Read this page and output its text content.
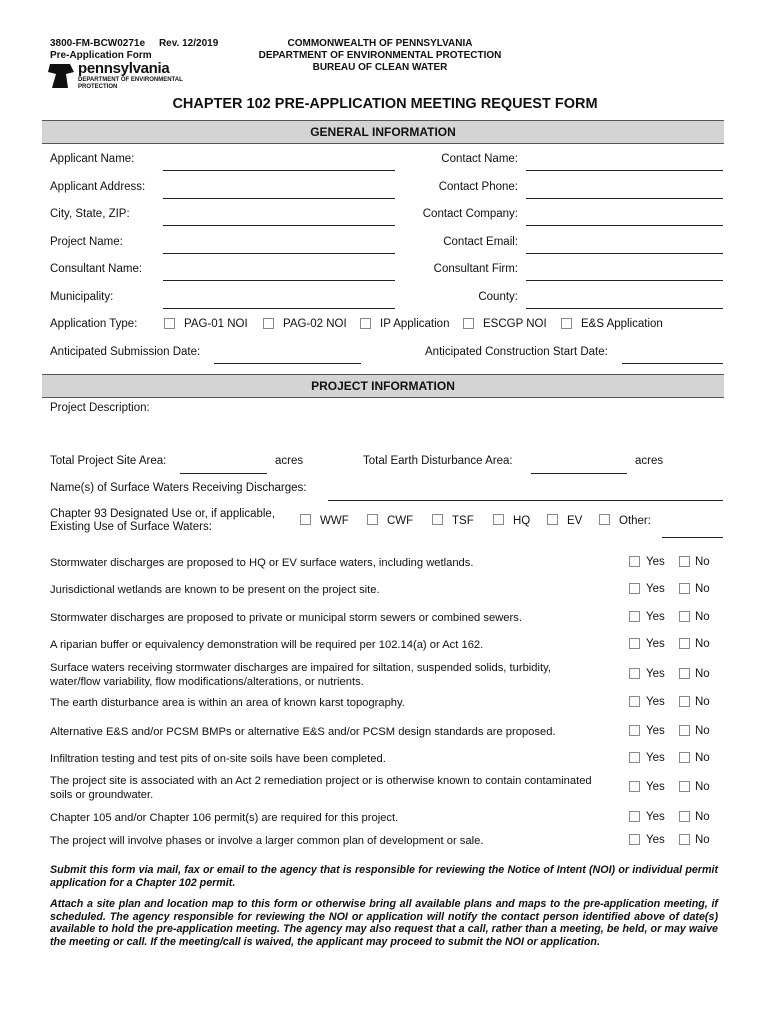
3800-FM-BCW0271e Rev. 12/2019
Pre-Application Form
COMMONWEALTH OF PENNSYLVANIA
DEPARTMENT OF ENVIRONMENTAL PROTECTION
BUREAU OF CLEAN WATER
pennsylvania
DEPARTMENT OF ENVIRONMENTAL
PROTECTION
CHAPTER 102 PRE-APPLICATION MEETING REQUEST FORM
GENERAL INFORMATION
Applicant Name:	Contact Name:
Applicant Address:	Contact Phone:
City, State, ZIP:	Contact Company:
Project Name:	Contact Email:
Consultant Name:	Consultant Firm:
Municipality:	County:
Application Type:	PAG-01 NOI	PAG-02 NOI	IP Application	ESCGP NOI	E&S Application
Anticipated Submission Date:	Anticipated Construction Start Date:
PROJECT INFORMATION
Project Description:
Total Project Site Area:	acres	Total Earth Disturbance Area:	acres
Name(s) of Surface Waters Receiving Discharges:
Chapter 93 Designated Use or, if applicable,
Existing Use of Surface Waters:	WWF	CWF	TSF	HQ	EV	Other:
Stormwater discharges are proposed to HQ or EV surface waters, including wetlands.	Yes	No
Jurisdictional wetlands are known to be present on the project site.	Yes	No
Stormwater discharges are proposed to private or municipal storm sewers or combined sewers.	Yes	No
A riparian buffer or equivalency demonstration will be required per 102.14(a) or Act 162.	Yes	No
Surface waters receiving stormwater discharges are impaired for siltation, suspended solids, turbidity, water/flow variability, flow modifications/alterations, or nutrients.
Yes	No
The earth disturbance area is within an area of known karst topography.	Yes	No
Alternative E&S and/or PCSM BMPs or alternative E&S and/or PCSM design standards are proposed.	Yes	No
Infiltration testing and test pits of on-site soils have been completed.	Yes	No
The project site is associated with an Act 2 remediation project or is otherwise known to contain contaminated soils or groundwater.
Yes	No
Chapter 105 and/or Chapter 106 permit(s) are required for this project.	Yes	No
The project will involve phases or involve a larger common plan of development or sale.	Yes	No
Submit this form via mail, fax or email to the agency that is responsible for reviewing the Notice of Intent (NOI) or individual permit application for a Chapter 102 permit.
Attach a site plan and location map to this form or otherwise bring all available plans and maps to the pre-application meeting, if scheduled. The agency responsible for reviewing the NOI or application will notify the contact person identified above of date(s) available to hold the pre-application meeting. The agency may also request that a call, rather than a meeting, be held, or may waive the meeting or call. If the meeting/call is waived, the applicant may proceed to submit the NOI or application.
